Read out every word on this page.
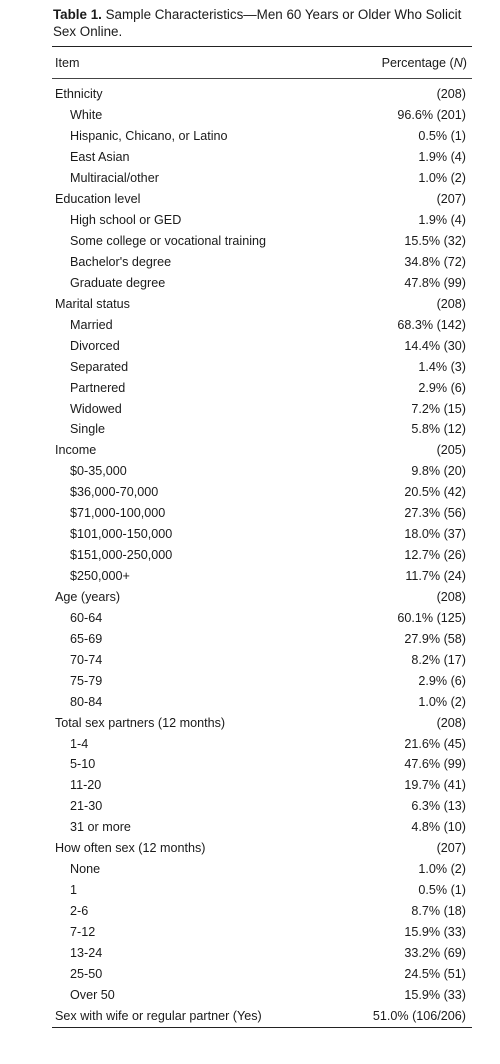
Table 1. Sample Characteristics—Men 60 Years or Older Who Solicit Sex Online.

Item	Percentage (N)
Ethnicity	(208)
White	96.6% (201)
Hispanic, Chicano, or Latino	0.5% (1)
East Asian	1.9% (4)
Multiracial/other	1.0% (2)
Education level	(207)
High school or GED	1.9% (4)
Some college or vocational training	15.5% (32)
Bachelor's degree	34.8% (72)
Graduate degree	47.8% (99)
Marital status	(208)
Married	68.3% (142)
Divorced	14.4% (30)
Separated	1.4% (3)
Partnered	2.9% (6)
Widowed	7.2% (15)
Single	5.8% (12)
Income	(205)
$0-35,000	9.8% (20)
$36,000-70,000	20.5% (42)
$71,000-100,000	27.3% (56)
$101,000-150,000	18.0% (37)
$151,000-250,000	12.7% (26)
$250,000+	11.7% (24)
Age (years)	(208)
60-64	60.1% (125)
65-69	27.9% (58)
70-74	8.2% (17)
75-79	2.9% (6)
80-84	1.0% (2)
Total sex partners (12 months)	(208)
1-4	21.6% (45)
5-10	47.6% (99)
11-20	19.7% (41)
21-30	6.3% (13)
31 or more	4.8% (10)
How often sex (12 months)	(207)
None	1.0% (2)
1	0.5% (1)
2-6	8.7% (18)
7-12	15.9% (33)
13-24	33.2% (69)
25-50	24.5% (51)
Over 50	15.9% (33)
Sex with wife or regular partner (Yes)	51.0% (106/206)
